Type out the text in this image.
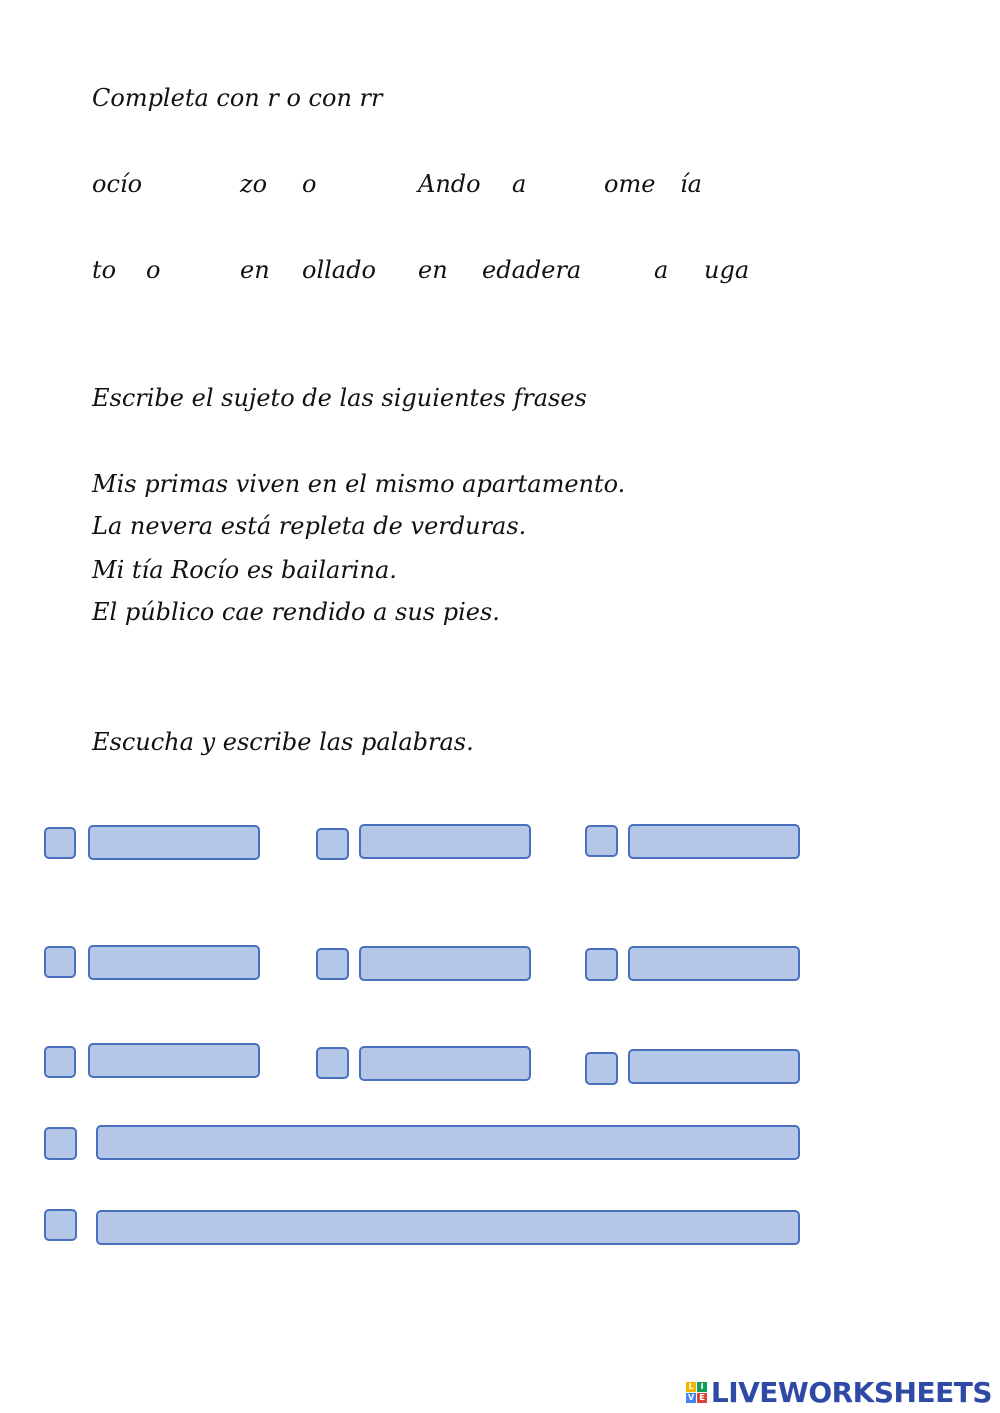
Completa con r o con rr
ocío	zo o	Ando a	ome ía
to o	en ollado en edadera	a uga
Escribe el sujeto de las siguientes frases
Mis primas viven en el mismo apartamento.
La nevera está repleta de verduras.
Mi tía Rocío es bailarina.
El público cae rendido a sus pies.
Escucha y escribe las palabras.
L I
V E LIVEWORKSHEETS
